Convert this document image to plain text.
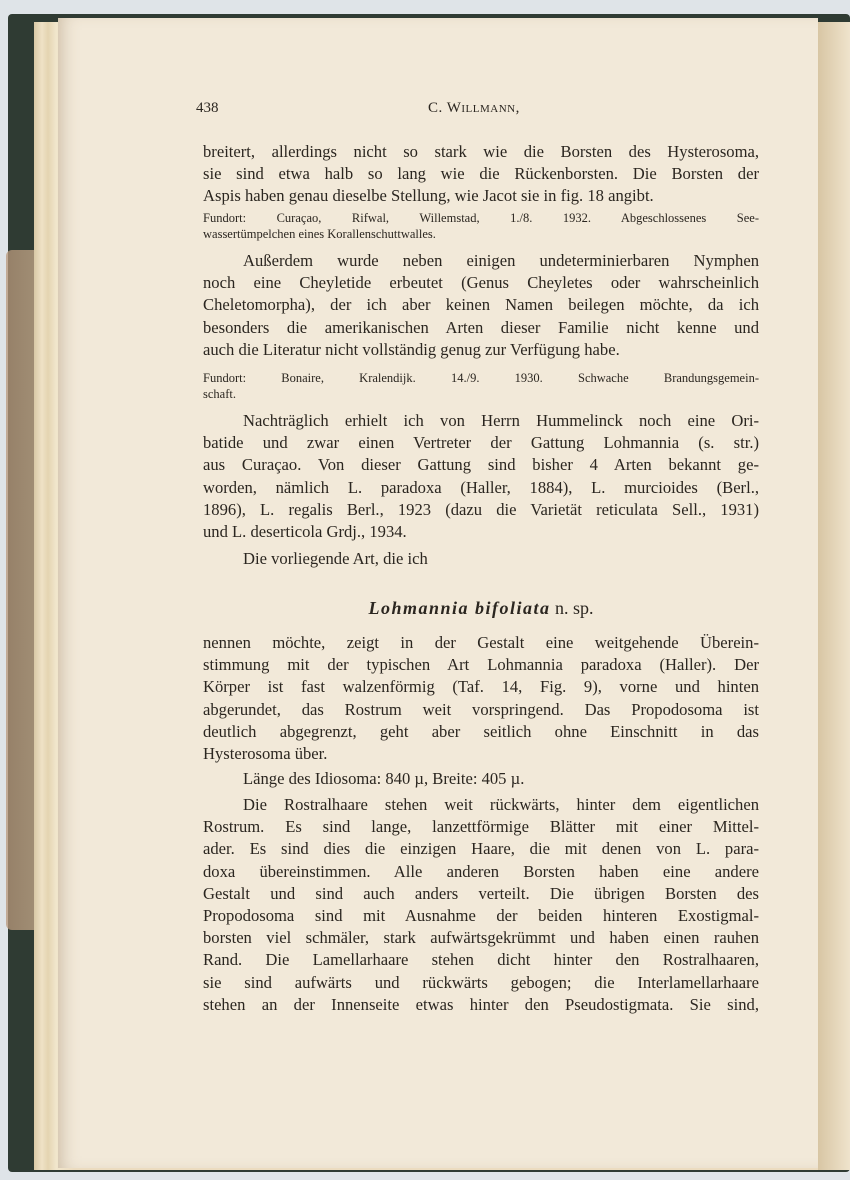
438	C. Willmann,
breitert, allerdings nicht so stark wie die Borsten des Hysterosoma,
sie sind etwa halb so lang wie die Rückenborsten. Die Borsten der
Aspis haben genau dieselbe Stellung, wie Jacot sie in fig. 18 angibt.
Fundort: Curaçao, Rifwal, Willemstad, 1./8. 1932. Abgeschlossenes See-
wassertümpelchen eines Korallenschuttwalles.
Außerdem wurde neben einigen undeterminierbaren Nymphen
noch eine Cheyletide erbeutet (Genus Cheyletes oder wahrscheinlich
Cheletomorpha), der ich aber keinen Namen beilegen möchte, da ich
besonders die amerikanischen Arten dieser Familie nicht kenne und
auch die Literatur nicht vollständig genug zur Verfügung habe.
Fundort: Bonaire, Kralendijk. 14./9. 1930. Schwache Brandungsgemein-
schaft.
Nachträglich erhielt ich von Herrn Hummelinck noch eine Ori-
batide und zwar einen Vertreter der Gattung Lohmannia (s. str.)
aus Curaçao. Von dieser Gattung sind bisher 4 Arten bekannt ge-
worden, nämlich L. paradoxa (Haller, 1884), L. murcioides (Berl.,
1896), L. regalis Berl., 1923 (dazu die Varietät reticulata Sell., 1931)
und L. deserticola Grdj., 1934.
Die vorliegende Art, die ich
Lohmannia bifoliata n. sp.
nennen möchte, zeigt in der Gestalt eine weitgehende Überein-
stimmung mit der typischen Art Lohmannia paradoxa (Haller). Der
Körper ist fast walzenförmig (Taf. 14, Fig. 9), vorne und hinten
abgerundet, das Rostrum weit vorspringend. Das Propodosoma ist
deutlich abgegrenzt, geht aber seitlich ohne Einschnitt in das
Hysterosoma über.
Länge des Idiosoma: 840 µ, Breite: 405 µ.
Die Rostralhaare stehen weit rückwärts, hinter dem eigentlichen
Rostrum. Es sind lange, lanzettförmige Blätter mit einer Mittel-
ader. Es sind dies die einzigen Haare, die mit denen von L. para-
doxa übereinstimmen. Alle anderen Borsten haben eine andere
Gestalt und sind auch anders verteilt. Die übrigen Borsten des
Propodosoma sind mit Ausnahme der beiden hinteren Exostigmal-
borsten viel schmäler, stark aufwärtsgekrümmt und haben einen rauhen
Rand. Die Lamellarhaare stehen dicht hinter den Rostralhaaren,
sie sind aufwärts und rückwärts gebogen; die Interlamellarhaare
stehen an der Innenseite etwas hinter den Pseudostigmata. Sie sind,
